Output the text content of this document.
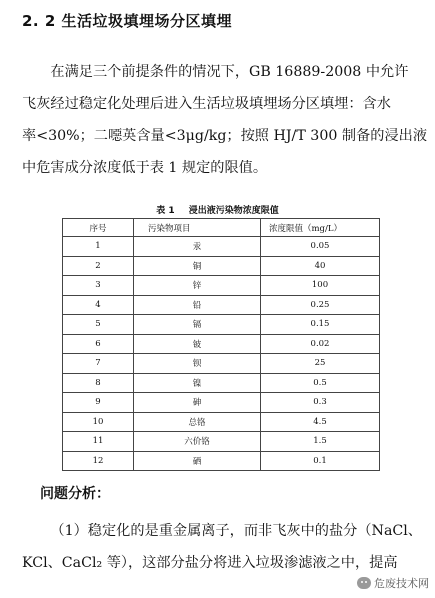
2. 2 生活垃圾填埋场分区填埋
在满足三个前提条件的情况下，GB 16889-2008 中允许
飞灰经过稳定化处理后进入生活垃圾填埋场分区填埋：含水
率<30%；二噁英含量<3μg/kg；按照 HJ/T 300 制备的浸出液
中危害成分浓度低于表 1 规定的限值。
表 1 浸出液污染物浓度限值
序号	污染物项目	浓度限值（mg/L）
1	汞	0.05
2	铜	40
3	锌	100
4	铅	0.25
5	镉	0.15
6	铍	0.02
7	钡	25
8	镍	0.5
9	砷	0.3
10	总铬	4.5
11	六价铬	1.5
12	硒	0.1
问题分析：
（1）稳定化的是重金属离子，而非飞灰中的盐分（NaCl、
KCl、CaCl₂ 等），这部分盐分将进入垃圾渗滤液之中，提高
危废技术网
